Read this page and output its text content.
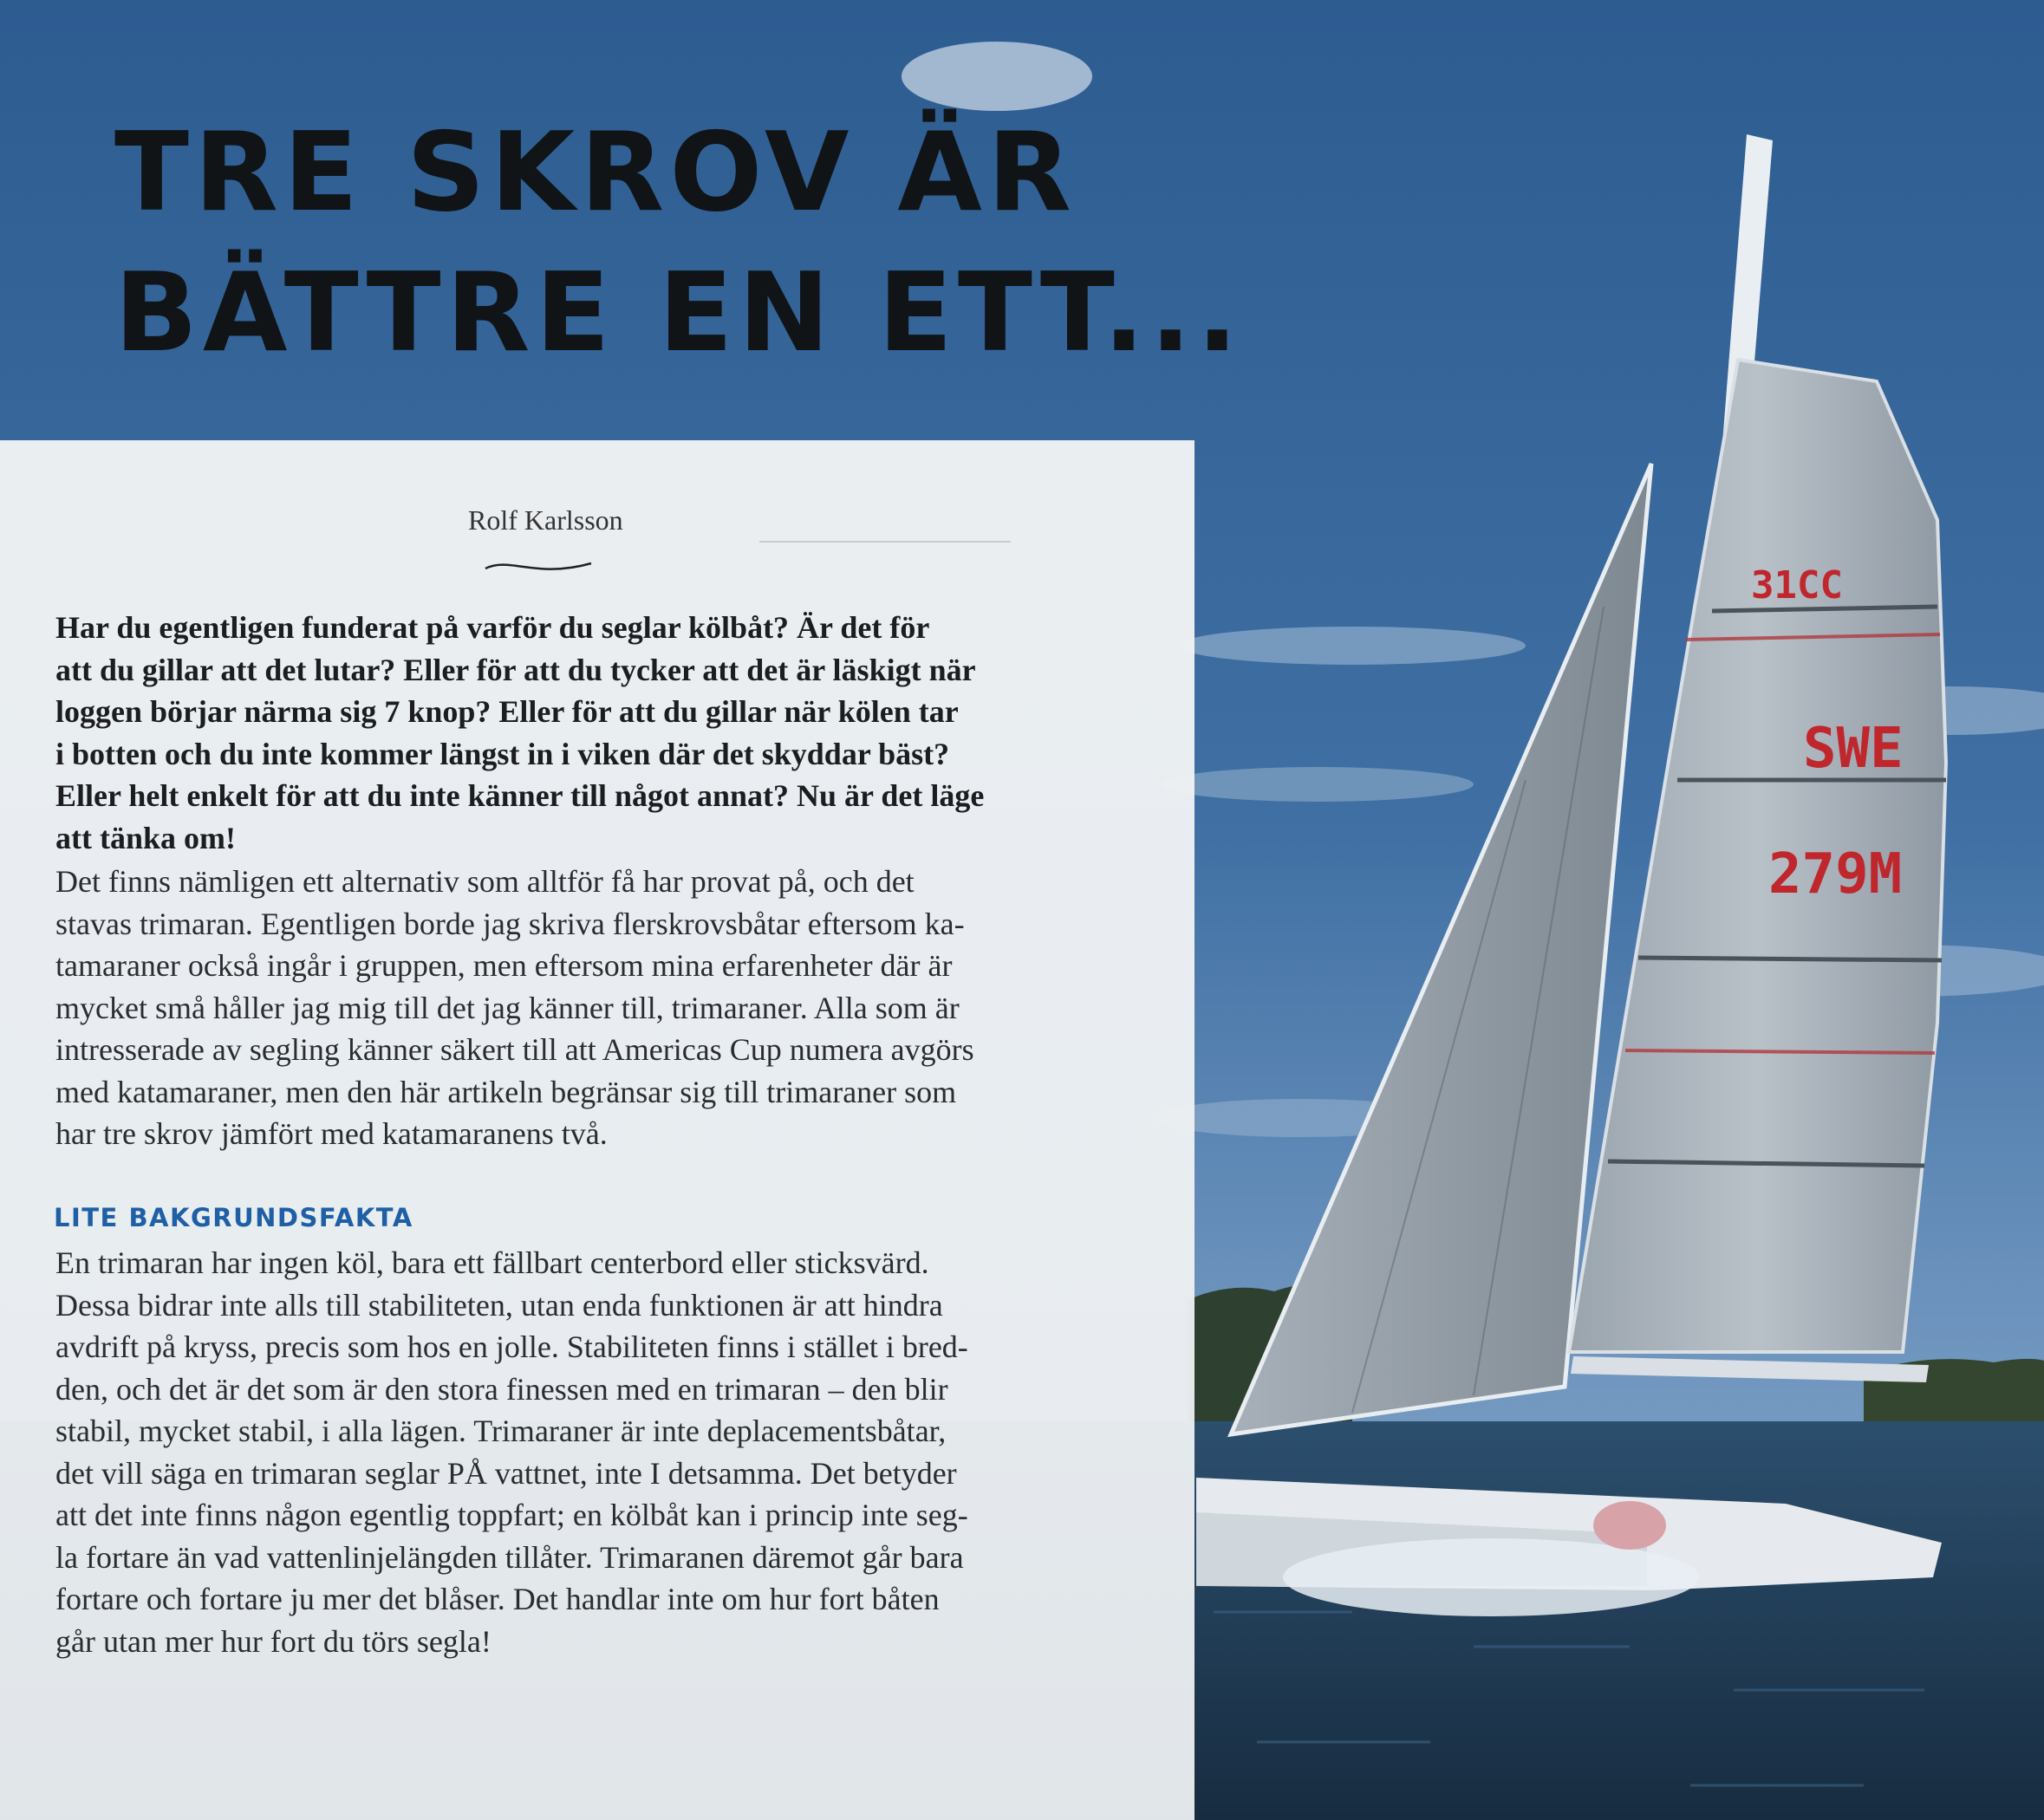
31CC
SWE
279M
TRE SKROV ÄR
BÄTTRE EN ETT...
Rolf Karlsson
Har du egentligen funderat på varför du seglar kölbåt? Är det för
att du gillar att det lutar? Eller för att du tycker att det är läskigt när
loggen börjar närma sig 7 knop? Eller för att du gillar när kölen tar
i botten och du inte kommer längst in i viken där det skyddar bäst?
Eller helt enkelt för att du inte känner till något annat? Nu är det läge
att tänka om!
Det finns nämligen ett alternativ som alltför få har provat på, och det
stavas trimaran. Egentligen borde jag skriva flerskrovsbåtar eftersom ka-
tamaraner också ingår i gruppen, men eftersom mina erfarenheter där är
mycket små håller jag mig till det jag känner till, trimaraner. Alla som är
intresserade av segling känner säkert till att Americas Cup numera avgörs
med katamaraner, men den här artikeln begränsar sig till trimaraner som
har tre skrov jämfört med katamaranens två.
LITE BAKGRUNDSFAKTA
En trimaran har ingen köl, bara ett fällbart centerbord eller sticksvärd.
Dessa bidrar inte alls till stabiliteten, utan enda funktionen är att hindra
avdrift på kryss, precis som hos en jolle. Stabiliteten finns i stället i bred-
den, och det är det som är den stora finessen med en trimaran – den blir
stabil, mycket stabil, i alla lägen. Trimaraner är inte deplacementsbåtar,
det vill säga en trimaran seglar PÅ vattnet, inte I detsamma. Det betyder
att det inte finns någon egentlig toppfart; en kölbåt kan i princip inte seg-
la fortare än vad vattenlinjelängden tillåter. Trimaranen däremot går bara
fortare och fortare ju mer det blåser. Det handlar inte om hur fort båten
går utan mer hur fort du törs segla!
